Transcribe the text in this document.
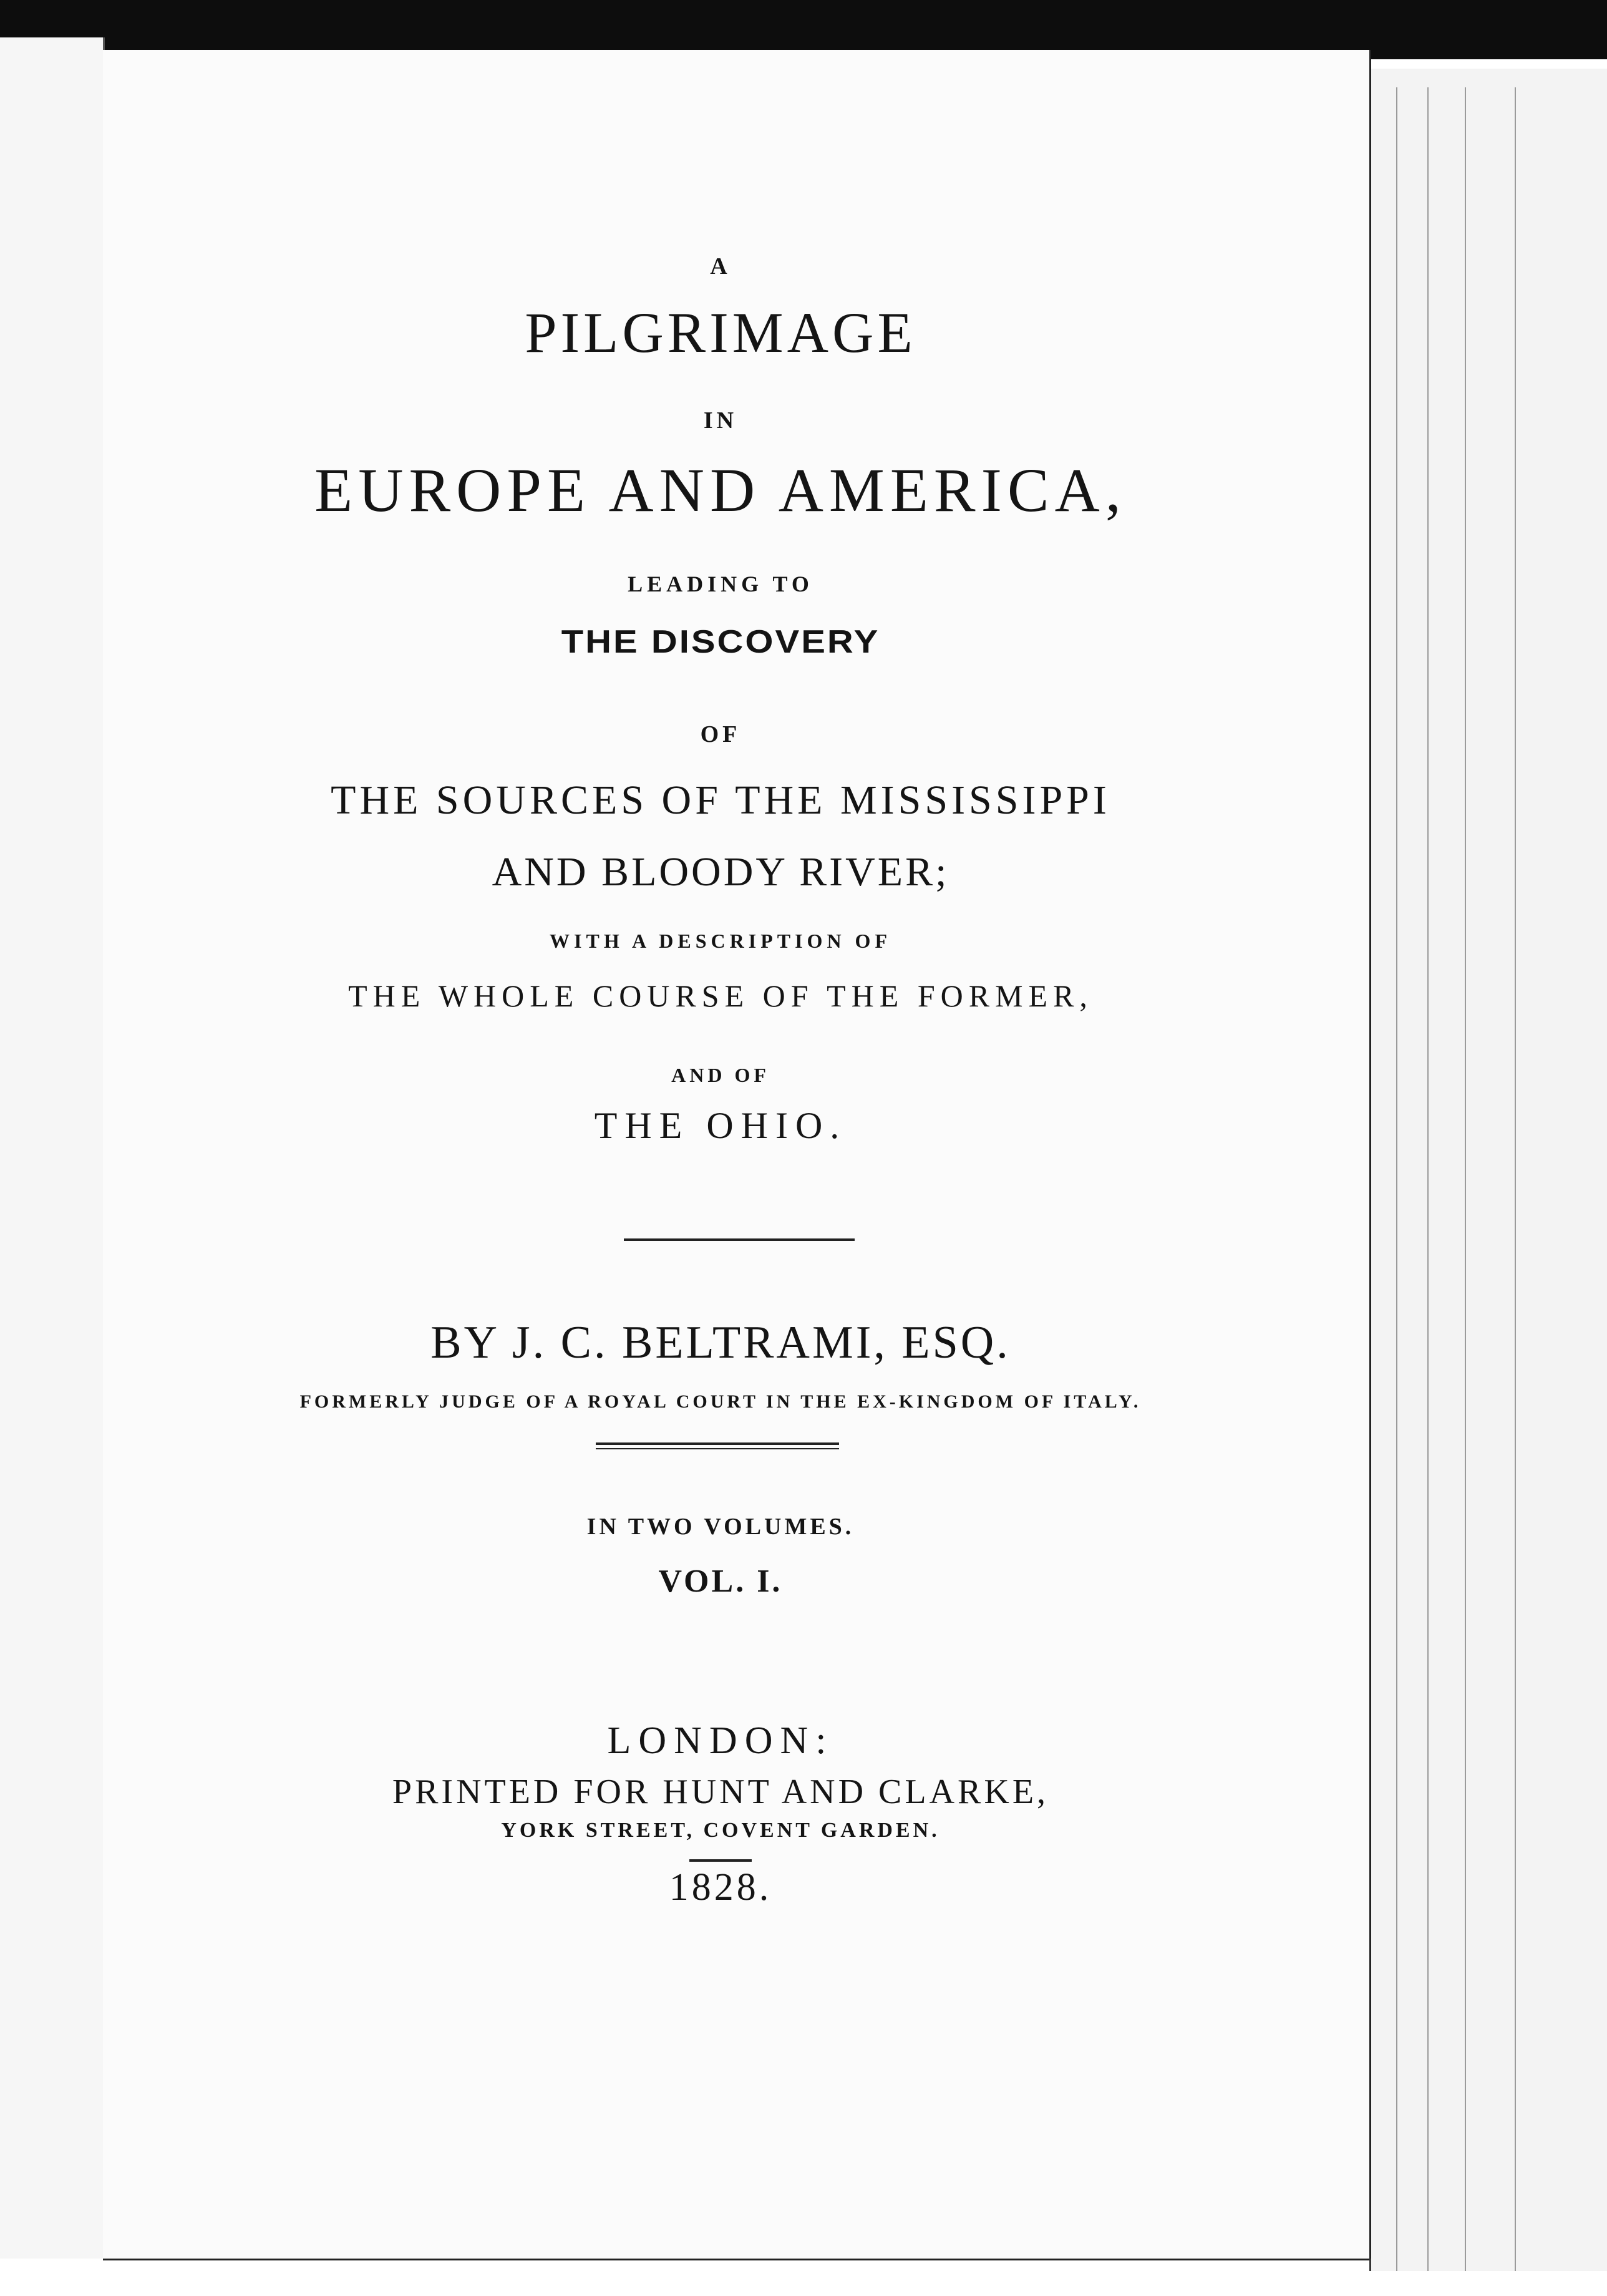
A
PILGRIMAGE
IN
EUROPE AND AMERICA,
LEADING TO
THE DISCOVERY
OF
THE SOURCES OF THE MISSISSIPPI
AND BLOODY RIVER;
WITH A DESCRIPTION OF
THE WHOLE COURSE OF THE FORMER,
AND OF
THE OHIO.
BY J. C. BELTRAMI, ESQ.
FORMERLY JUDGE OF A ROYAL COURT IN THE EX-KINGDOM OF ITALY.
IN TWO VOLUMES.
VOL. I.
LONDON:
PRINTED FOR HUNT AND CLARKE,
YORK STREET, COVENT GARDEN.
1828.
